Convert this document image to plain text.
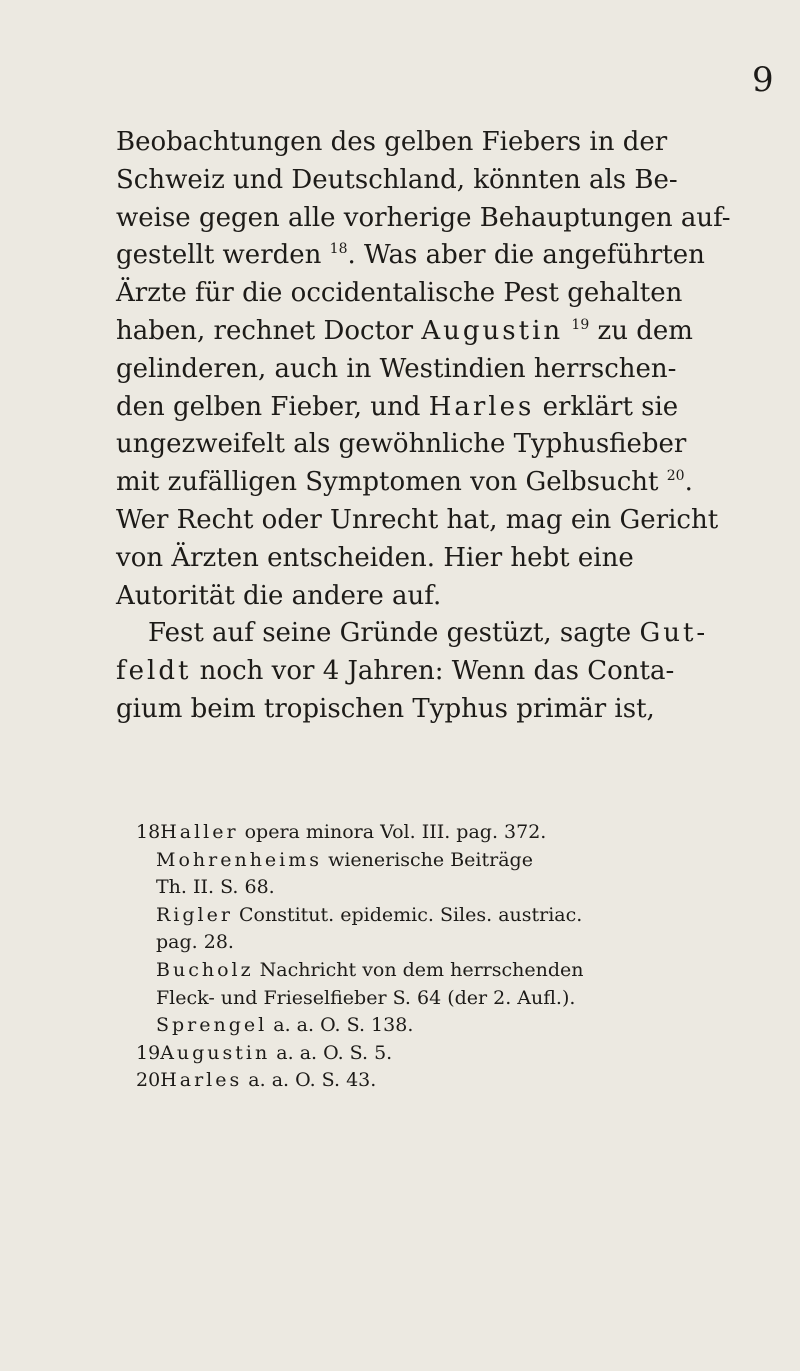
9
Beobachtungen des gelben Fiebers in der
Schweiz und Deutschland, könnten als Be-
weise gegen alle vorherige Behauptungen auf-
gestellt werden $^{18}$. Was aber die angeführten
Ärzte für die occidentalische Pest gehalten
haben, rechnet Doctor Augustin $^{19}$ zu dem
gelinderen, auch in Westindien herrschen-
den gelben Fieber, und Harles erklärt sie
ungezweifelt als gewöhnliche Typhusfieber
mit zufälligen Symptomen von Gelbsucht $^{20}$.
Wer Recht oder Unrecht hat, mag ein Gericht
von Ärzten entscheiden. Hier hebt eine
Autorität die andere auf.
Fest auf seine Gründe gestüzt, sagte Gut-
feldt noch vor 4 Jahren: Wenn das Conta-
gium beim tropischen Typhus primär ist,
18Haller opera minora Vol. III. pag. 372.
Mohrenheims wienerische Beiträge
Th. II. S. 68.
Rigler Constitut. epidemic. Siles. austriac.
pag. 28.
Bucholz Nachricht von dem herrschenden
Fleck- und Frieselfieber S. 64 (der 2. Aufl.).
Sprengel a. a. O. S. 138.
19Augustin a. a. O. S. 5.
20Harles a. a. O. S. 43.
